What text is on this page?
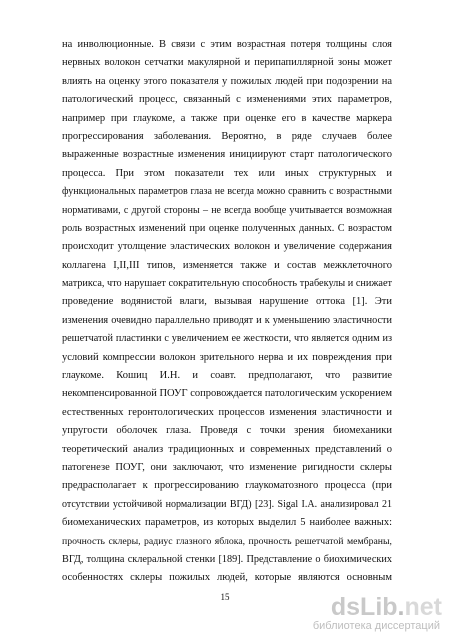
на инволюционные. В связи с этим возрастная потеря толщины слоя
нервных волокон сетчатки макулярной и перипапиллярной зоны может
влиять на оценку этого показателя у пожилых людей при подозрении на
патологический процесс, связанный с изменениями этих параметров,
например при глаукоме, а также при оценке его в качестве маркера
прогрессирования заболевания. Вероятно, в ряде случаев более
выраженные возрастные изменения инициируют старт патологического
процесса. При этом показатели тех или иных структурных и
функциональных параметров глаза не всегда можно сравнить с возрастными
нормативами, с другой стороны – не всегда вообще учитывается возможная
роль возрастных изменений при оценке полученных данных. С возрастом
происходит утолщение эластических волокон и увеличение содержания
коллагена I,II,III типов, изменяется также и состав межклеточного
матрикса, что нарушает сократительную способность трабекулы и снижает
проведение водянистой влаги, вызывая нарушение оттока [1]. Эти
изменения очевидно параллельно приводят и к уменьшению эластичности
решетчатой пластинки с увеличением ее жесткости, что является одним из
условий компрессии волокон зрительного нерва и их повреждения при
глаукоме. Кошиц И.Н. и соавт. предполагают, что развитие
некомпенсированной ПОУГ сопровождается патологическим ускорением
естественных геронтологических процессов изменения эластичности и
упругости оболочек глаза. Проведя с точки зрения биомеханики
теоретический анализ традиционных и современных представлений о
патогенезе ПОУГ, они заключают, что изменение ригидности склеры
предрасполагает к прогрессированию глаукоматозного процесса (при
отсутствии устойчивой нормализации ВГД) [23]. Sigal I.A. анализировал 21
биомеханических параметров, из которых выделил 5 наиболее важных:
прочность склеры, радиус глазного яблока, прочность решетчатой мембраны,
ВГД, толщина склеральной стенки [189]. Представление о биохимических
особенностях склеры пожилых людей, которые являются основным
15	dsLib.net
библиотека диссертаций
